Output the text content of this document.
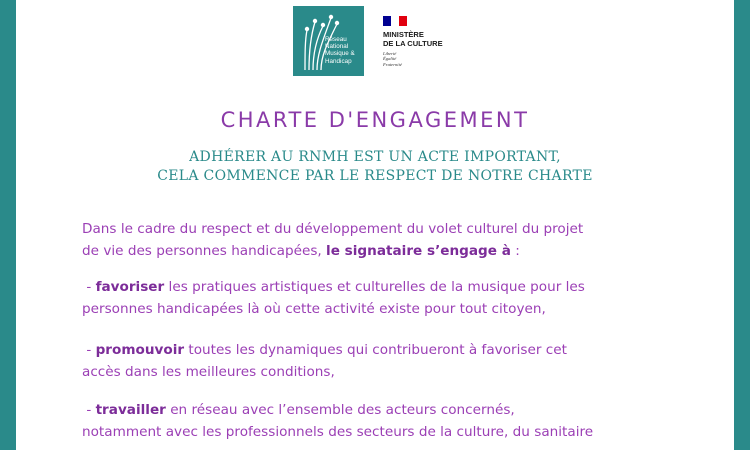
Réseau
National
Musique &
Handicap
MINISTÈRE
DE LA CULTURE
Liberté
Égalité
Fraternité
CHARTE D'ENGAGEMENT
ADHÉRER AU RNMH EST UN ACTE IMPORTANT,
CELA COMMENCE PAR LE RESPECT DE NOTRE CHARTE

Dans le cadre du respect et du développement du volet culturel du projet
de vie des personnes handicapées, le signataire s’engage à :

- favoriser les pratiques artistiques et culturelles de la musique pour les
personnes handicapées là où cette activité existe pour tout citoyen,

- promouvoir toutes les dynamiques qui contribueront à favoriser cet
accès dans les meilleures conditions,

- travailler en réseau avec l’ensemble des acteurs concernés,
notamment avec les professionnels des secteurs de la culture, du sanitaire
